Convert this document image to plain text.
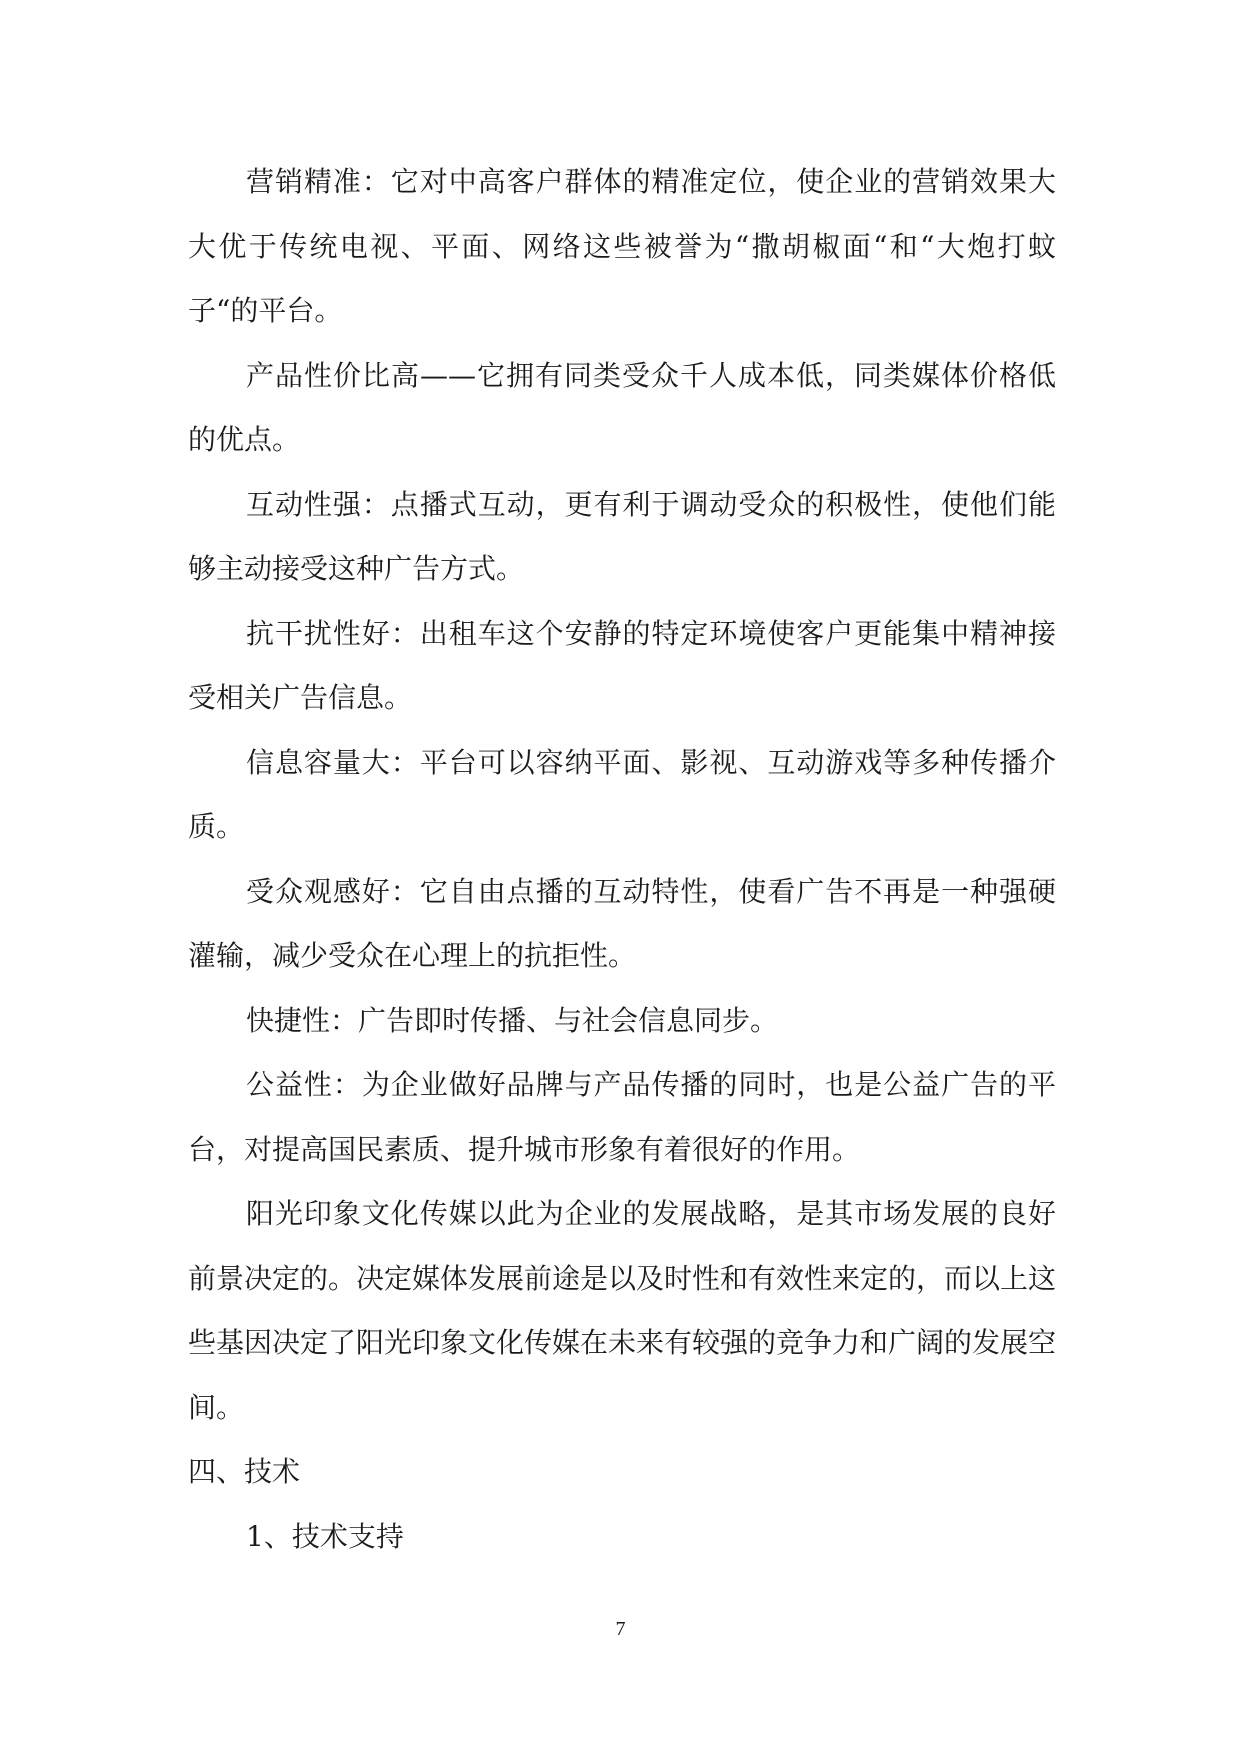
营销精准：它对中高客户群体的精准定位，使企业的营销效果大大优于传统电视、平面、网络这些被誉为“撒胡椒面“和“大炮打蚊子“的平台。

产品性价比高——它拥有同类受众千人成本低，同类媒体价格低的优点。

互动性强：点播式互动，更有利于调动受众的积极性，使他们能够主动接受这种广告方式。

抗干扰性好：出租车这个安静的特定环境使客户更能集中精神接受相关广告信息。

信息容量大：平台可以容纳平面、影视、互动游戏等多种传播介质。

受众观感好：它自由点播的互动特性，使看广告不再是一种强硬灌输，减少受众在心理上的抗拒性。

快捷性：广告即时传播、与社会信息同步。

公益性：为企业做好品牌与产品传播的同时，也是公益广告的平台，对提高国民素质、提升城市形象有着很好的作用。

阳光印象文化传媒以此为企业的发展战略，是其市场发展的良好前景决定的。决定媒体发展前途是以及时性和有效性来定的，而以上这些基因决定了阳光印象文化传媒在未来有较强的竞争力和广阔的发展空间。

四、技术

1、技术支持

7
